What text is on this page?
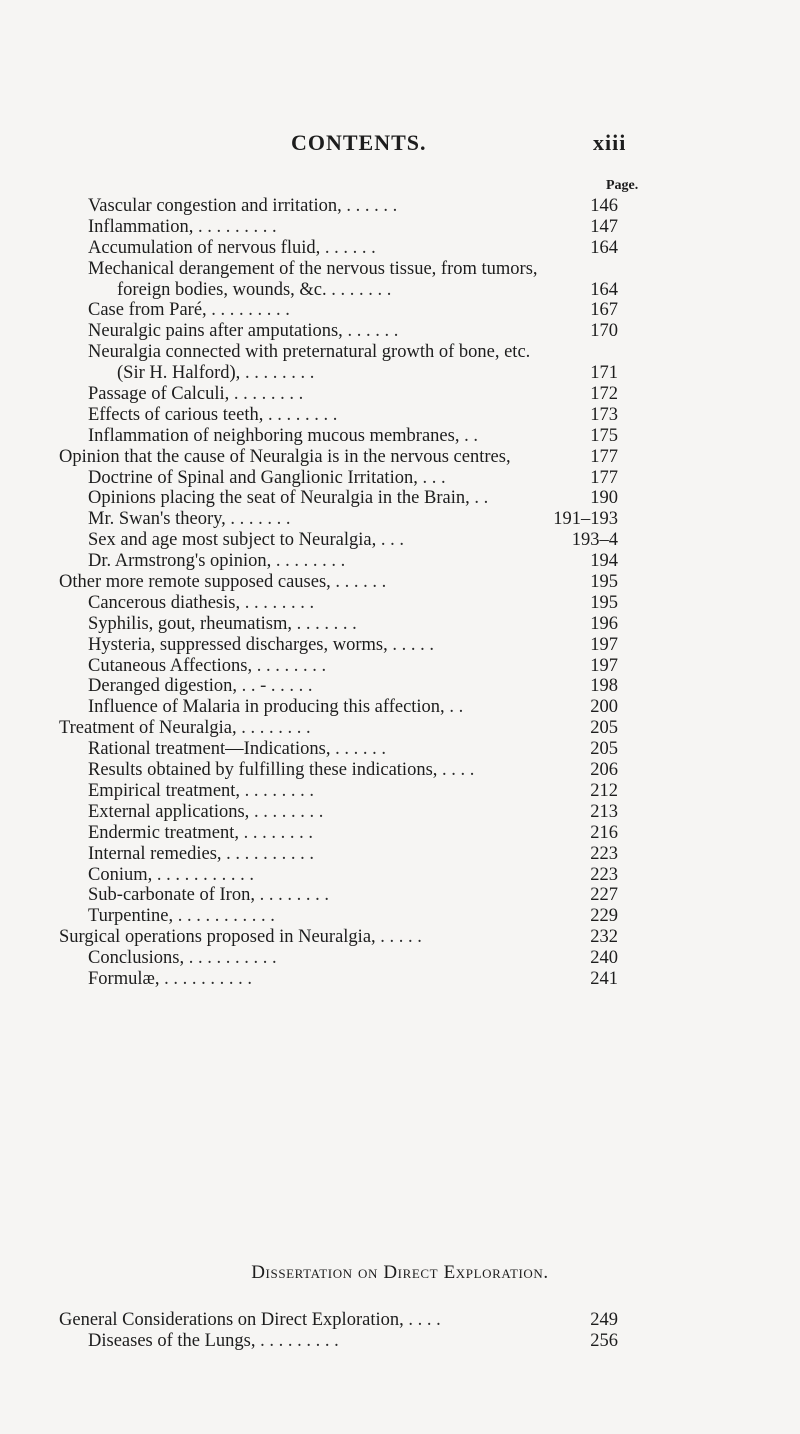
CONTENTS.	xiii
Page.
Vascular congestion and irritation, . . . . . .	146
Inflammation, . . . . . . . . .	147
Accumulation of nervous fluid, . . . . . .	164
Mechanical derangement of the nervous tissue, from tumors,
foreign bodies, wounds, &c. . . . . . . .	164
Case from Paré, . . . . . . . . .	167
Neuralgic pains after amputations, . . . . . .	170
Neuralgia connected with preternatural growth of bone, etc.
(Sir H. Halford), . . . . . . . .	171
Passage of Calculi, . . . . . . . .	172
Effects of carious teeth, . . . . . . . .	173
Inflammation of neighboring mucous membranes, . .	175
Opinion that the cause of Neuralgia is in the nervous centres,	177
Doctrine of Spinal and Ganglionic Irritation, . . .	177
Opinions placing the seat of Neuralgia in the Brain, . .	190
Mr. Swan's theory, . . . . . . .	191–193
Sex and age most subject to Neuralgia, . . .	193–4
Dr. Armstrong's opinion, . . . . . . . .	194
Other more remote supposed causes, . . . . . .	195
Cancerous diathesis, . . . . . . . .	195
Syphilis, gout, rheumatism, . . . . . . .	196
Hysteria, suppressed discharges, worms, . . . . .	197
Cutaneous Affections, . . . . . . . .	197
Deranged digestion, . . - . . . . .	198
Influence of Malaria in producing this affection, . .	200
Treatment of Neuralgia, . . . . . . . .	205
Rational treatment—Indications, . . . . . .	205
Results obtained by fulfilling these indications, . . . .	206
Empirical treatment, . . . . . . . .	212
External applications, . . . . . . . .	213
Endermic treatment, . . . . . . . .	216
Internal remedies, . . . . . . . . . .	223
Conium, . . . . . . . . . . .	223
Sub-carbonate of Iron, . . . . . . . .	227
Turpentine, . . . . . . . . . . .	229
Surgical operations proposed in Neuralgia, . . . . .	232
Conclusions, . . . . . . . . . .	240
Formulæ, . . . . . . . . . .	241
Dissertation on Direct Exploration.
General Considerations on Direct Exploration, . . . .	249
Diseases of the Lungs, . . . . . . . . .	256
